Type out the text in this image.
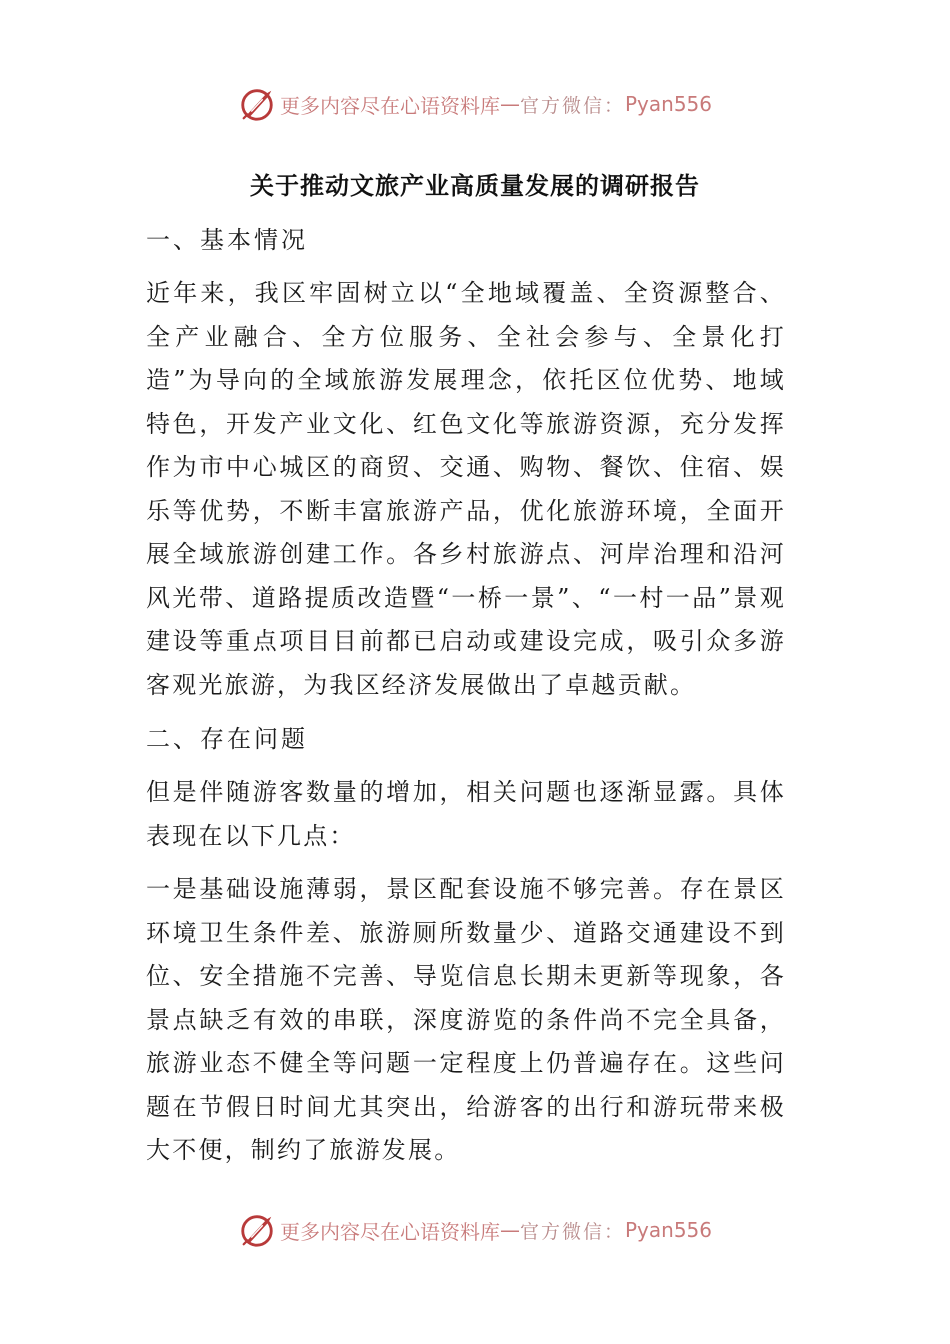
更多内容尽在心语资料库 — 官方微信： Pyan556
关于推动文旅产业高质量发展的调研报告

一、基本情况

近年来，我区牢固树立以“全地域覆盖、全资源整合、全产业融合、全方位服务、全社会参与、全景化打造”为导向的全域旅游发展理念，依托区位优势、地域特色，开发产业文化、红色文化等旅游资源，充分发挥作为市中心城区的商贸、交通、购物、餐饮、住宿、娱乐等优势，不断丰富旅游产品，优化旅游环境，全面开展全域旅游创建工作。各乡村旅游点、河岸治理和沿河风光带、道路提质改造暨“一桥一景”、“一村一品”景观建设等重点项目目前都已启动或建设完成，吸引众多游客观光旅游，为我区经济发展做出了卓越贡献。

二、存在问题

但是伴随游客数量的增加，相关问题也逐渐显露。具体表现在以下几点：

一是基础设施薄弱，景区配套设施不够完善。存在景区环境卫生条件差、旅游厕所数量少、道路交通建设不到位、安全措施不完善、导览信息长期未更新等现象，各景点缺乏有效的串联，深度游览的条件尚不完全具备，旅游业态不健全等问题一定程度上仍普遍存在。这些问题在节假日时间尤其突出，给游客的出行和游玩带来极大不便，制约了旅游发展。

更多内容尽在心语资料库 — 官方微信： Pyan556
